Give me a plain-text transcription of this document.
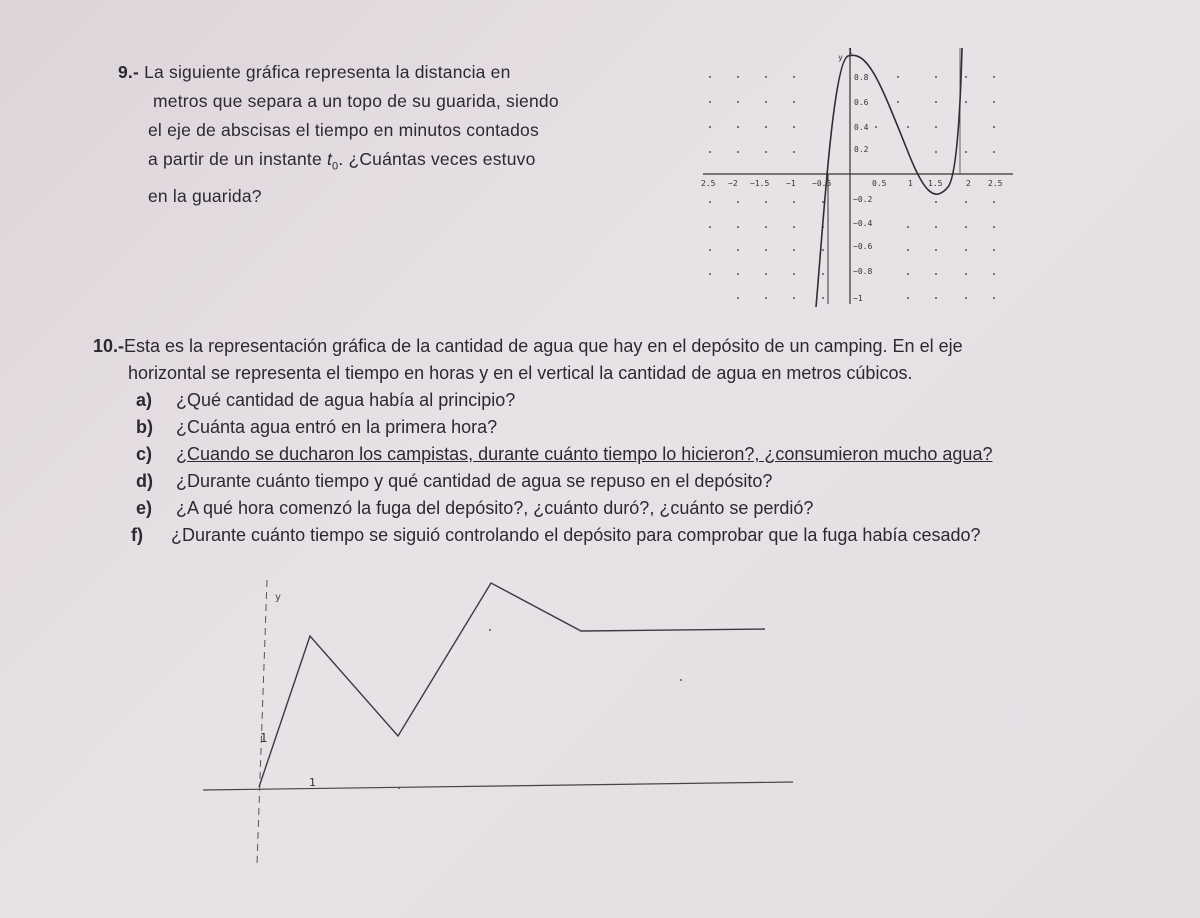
9.- La siguiente gráfica representa la distancia en
metros que separa a un topo de su guarida, siendo
el eje de abscisas el tiempo en minutos contados
a partir de un instante $t_0$. ¿Cuántas veces estuvo
en la guarida?
y
1
0.8
0.6
0.4
0.2
−0.2
−0.4
−0.6
−0.8
−1
2.5 −2 −1.5 −1 −0.5	0.5	1 1.5	2 2.5
10.-Esta es la representación gráfica de la cantidad de agua que hay en el depósito de un camping. En el eje
horizontal se representa el tiempo en horas y en el vertical la cantidad de agua en metros cúbicos.
a) ¿Qué cantidad de agua había al principio?
b) ¿Cuánta agua entró en la primera hora?
c) ¿Cuando se ducharon los campistas, durante cuánto tiempo lo hicieron?, ¿consumieron mucho agua?
d) ¿Durante cuánto tiempo y qué cantidad de agua se repuso en el depósito?
e) ¿A qué hora comenzó la fuga del depósito?, ¿cuánto duró?, ¿cuánto se perdió?
f) ¿Durante cuánto tiempo se siguió controlando el depósito para comprobar que la fuga había cesado?
y
1
1
